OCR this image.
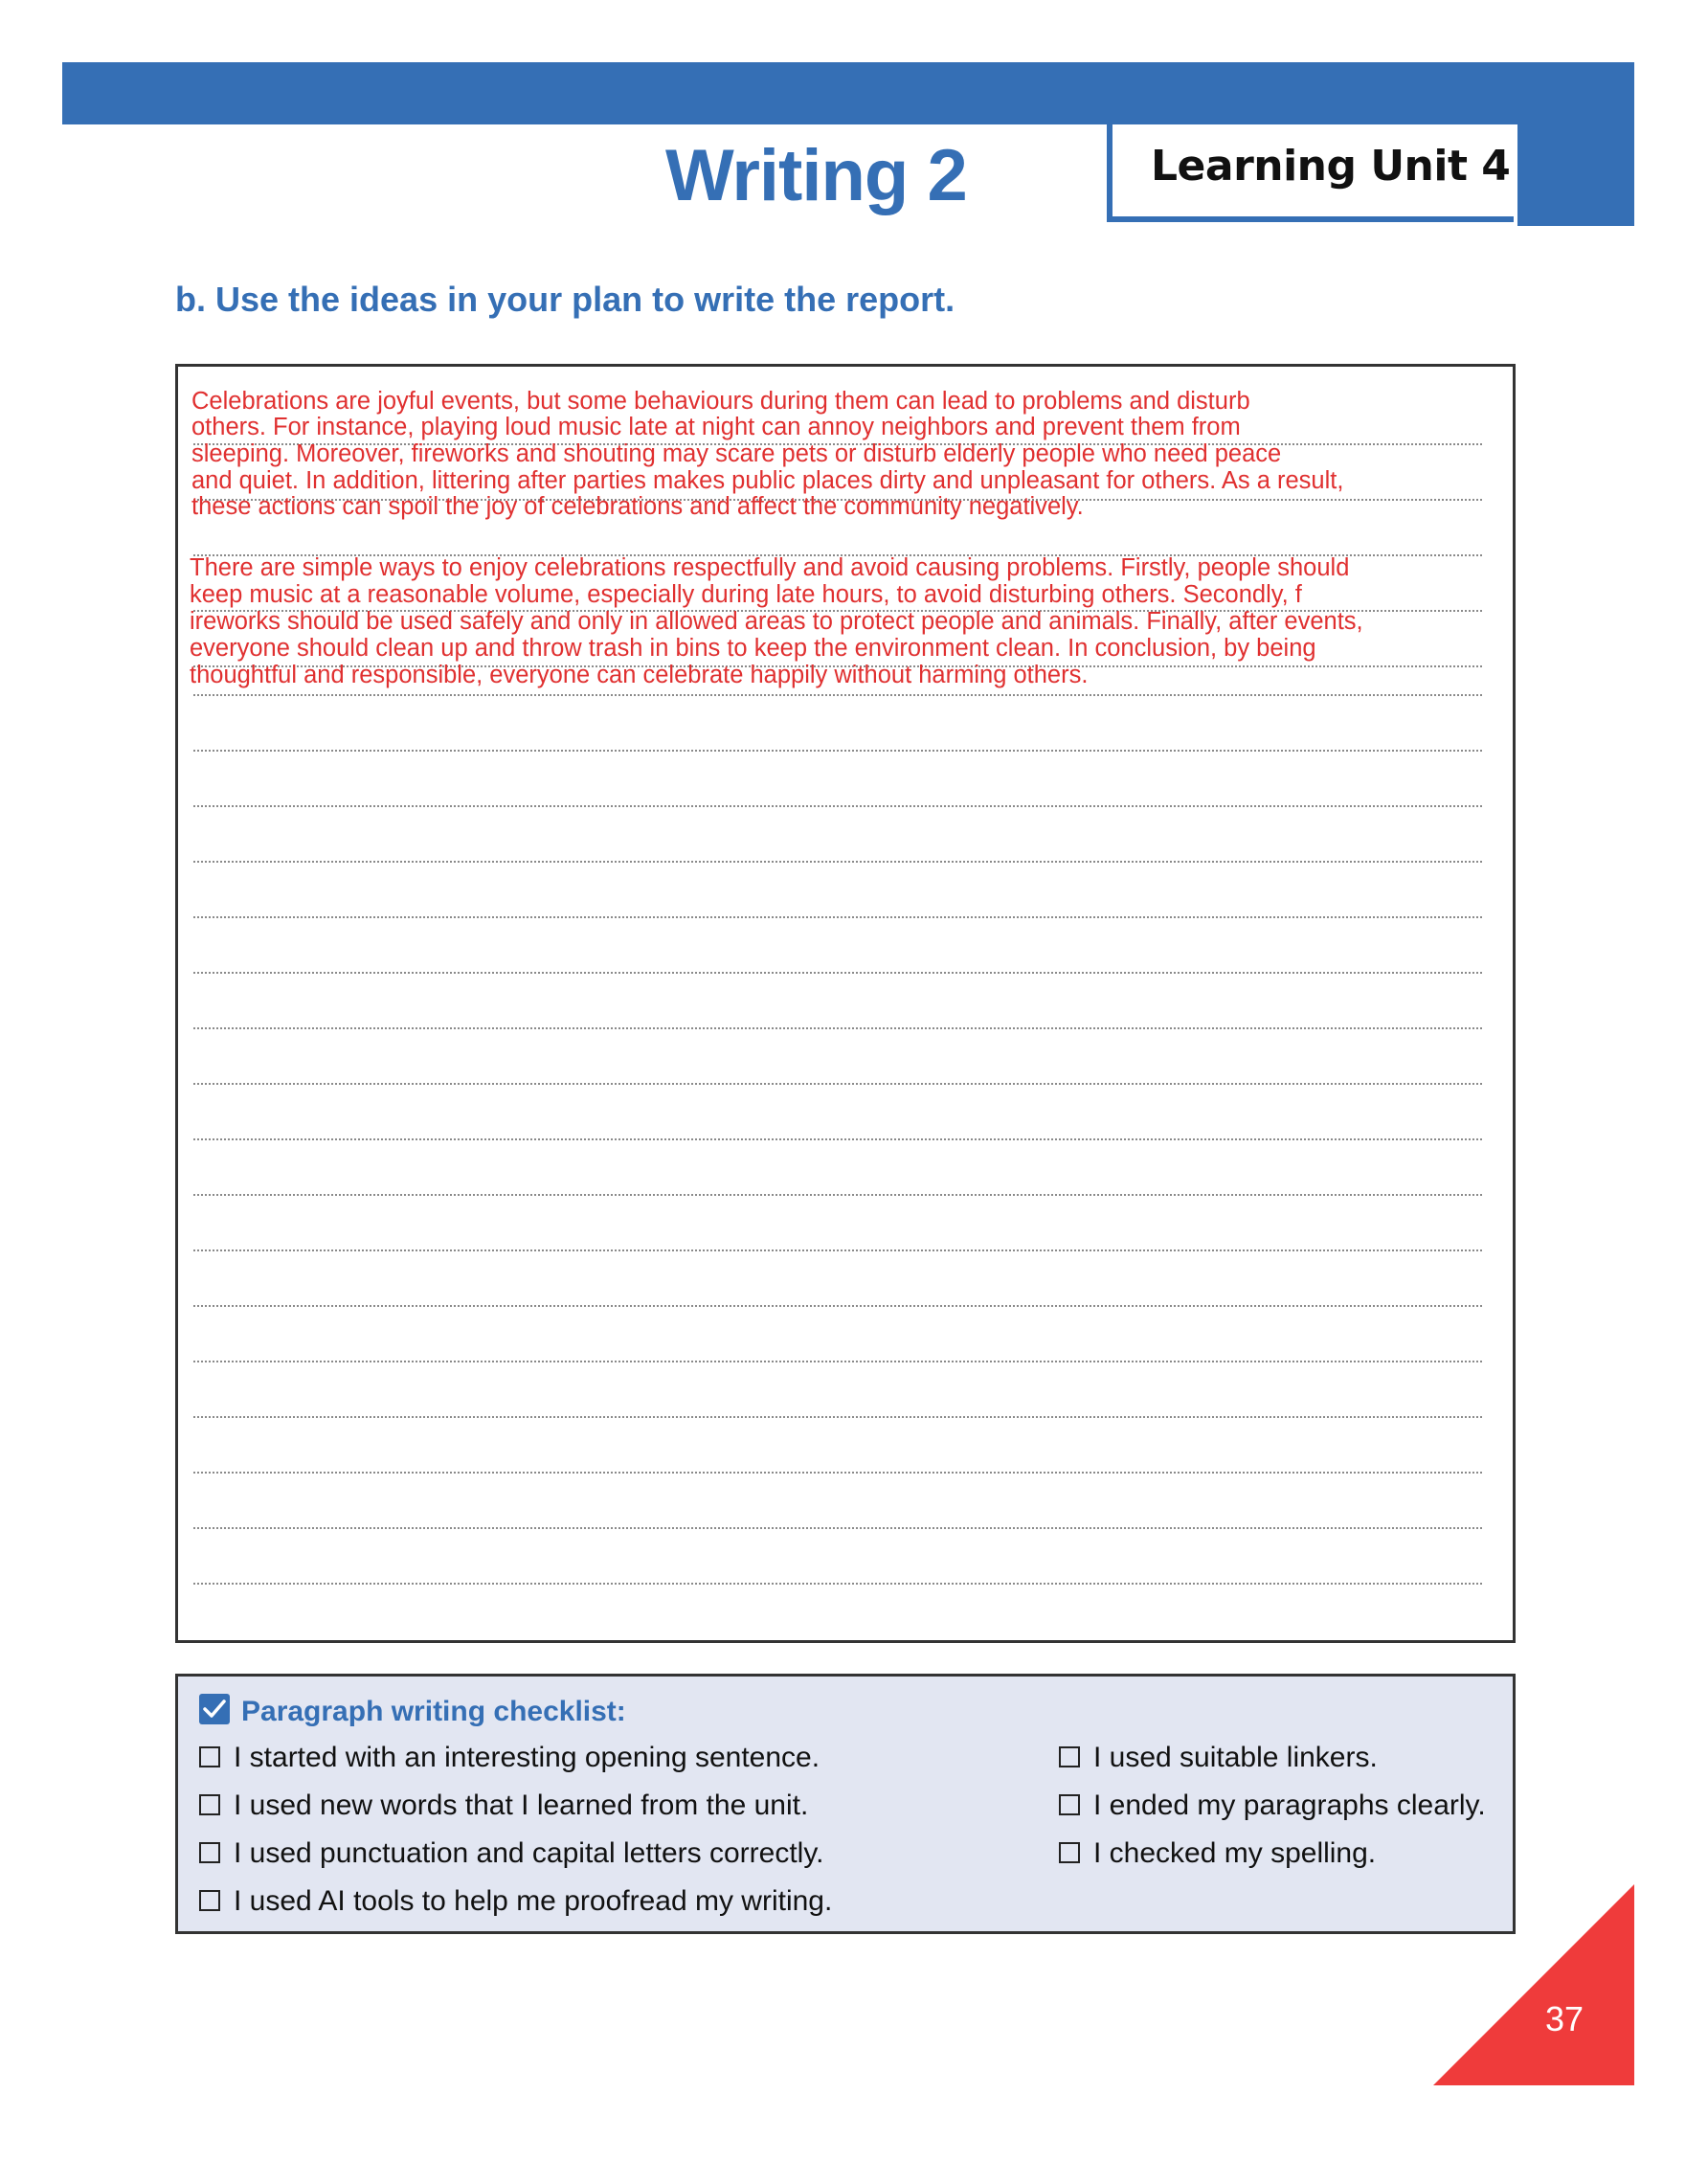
Learning Unit 4
Writing 2
b. Use the ideas in your plan to write the report.
Celebrations are joyful events, but some behaviours during them can lead to problems and disturb
others. For instance, playing loud music late at night can annoy neighbors and prevent them from
sleeping. Moreover, fireworks and shouting may scare pets or disturb elderly people who need peace
and quiet. In addition, littering after parties makes public places dirty and unpleasant for others. As a result,
these actions can spoil the joy of celebrations and affect the community negatively.
There are simple ways to enjoy celebrations respectfully and avoid causing problems. Firstly, people should
keep music at a reasonable volume, especially during late hours, to avoid disturbing others. Secondly, f
ireworks should be used safely and only in allowed areas to protect people and animals. Finally, after events,
everyone should clean up and throw trash in bins to keep the environment clean. In conclusion, by being
thoughtful and responsible, everyone can celebrate happily without harming others.
Paragraph writing checklist:
I started with an interesting opening sentence.
I used new words that I learned from the unit.
I used punctuation and capital letters correctly.
I used AI tools to help me proofread my writing.
I used suitable linkers.
I ended my paragraphs clearly.
I checked my spelling.
37
